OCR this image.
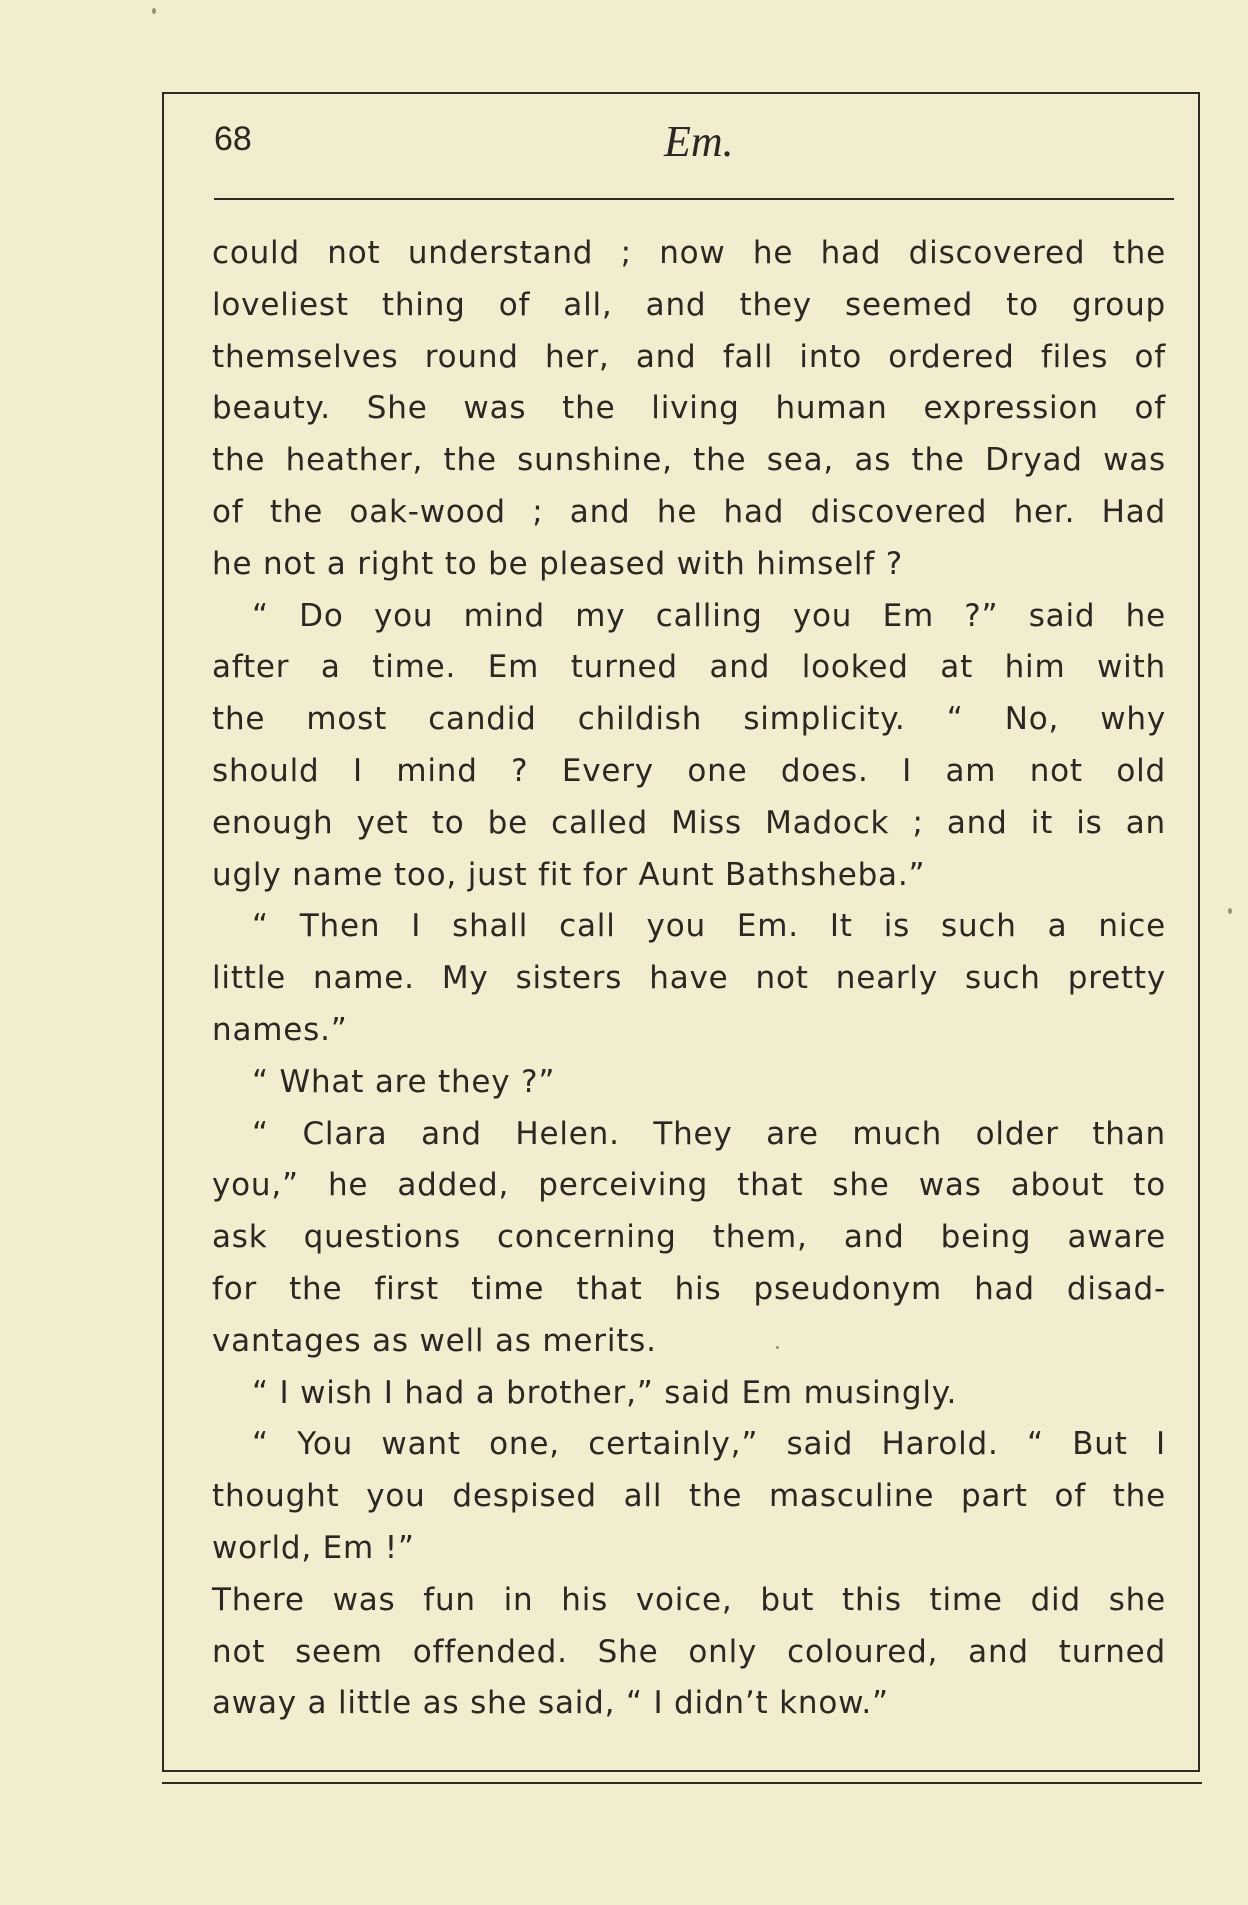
68	Em.
could not understand ; now he had discovered the
loveliest thing of all, and they seemed to group
themselves round her, and fall into ordered files of
beauty. She was the living human expression of
the heather, the sunshine, the sea, as the Dryad was
of the oak-wood ; and he had discovered her. Had
he not a right to be pleased with himself ?
“ Do you mind my calling you Em ?” said he
after a time. Em turned and looked at him with
the most candid childish simplicity. “ No, why
should I mind ? Every one does. I am not old
enough yet to be called Miss Madock ; and it is an
ugly name too, just fit for Aunt Bathsheba.”
“ Then I shall call you Em. It is such a nice
little name. My sisters have not nearly such pretty
names.”
“ What are they ?”
“ Clara and Helen. They are much older than
you,” he added, perceiving that she was about to
ask questions concerning them, and being aware
for the first time that his pseudonym had disad-
vantages as well as merits.
“ I wish I had a brother,” said Em musingly.
“ You want one, certainly,” said Harold. “ But I
thought you despised all the masculine part of the
world, Em !”
There was fun in his voice, but this time did she
not seem offended. She only coloured, and turned
away a little as she said, “ I didn’t know.”
